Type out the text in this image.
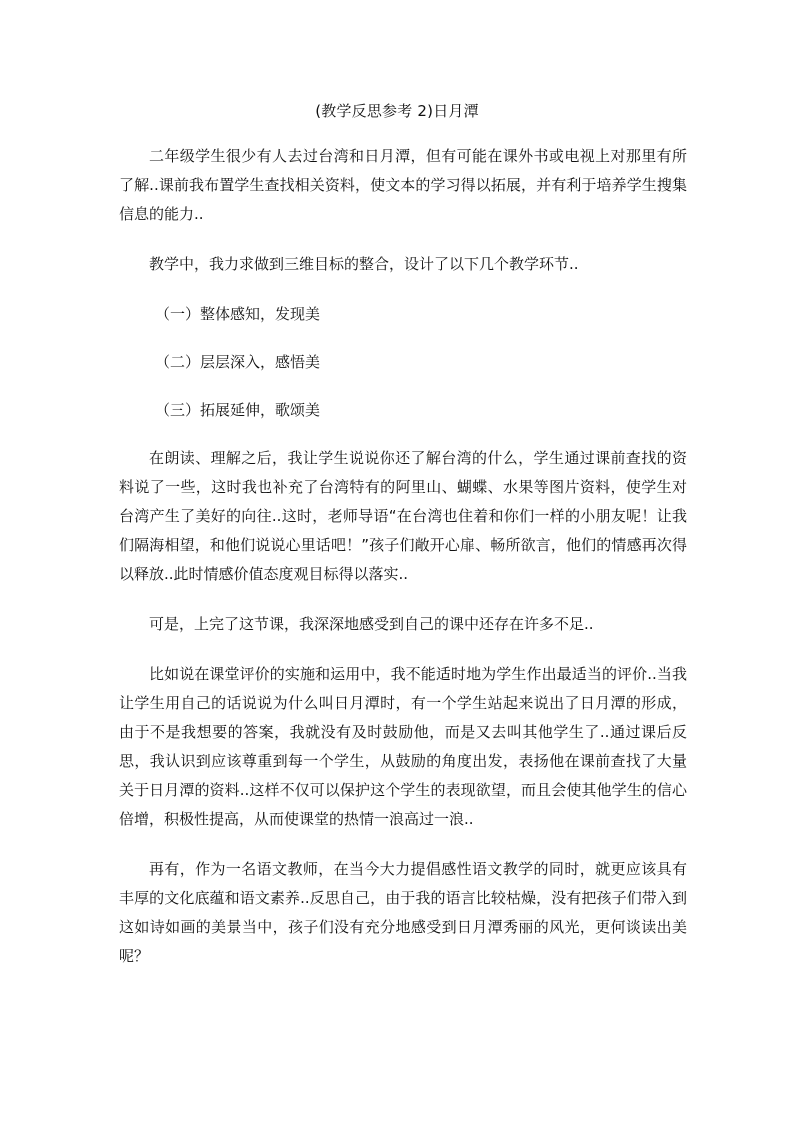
(教学反思参考 2)日月潭

二年级学生很少有人去过台湾和日月潭，但有可能在课外书或电视上对那里有所了解..课前我布置学生查找相关资料，使文本的学习得以拓展，并有利于培养学生搜集信息的能力..

教学中，我力求做到三维目标的整合，设计了以下几个教学环节..

（一）整体感知，发现美
（二）层层深入，感悟美
（三）拓展延伸，歌颂美

在朗读、理解之后，我让学生说说你还了解台湾的什么，学生通过课前查找的资料说了一些，这时我也补充了台湾特有的阿里山、蝴蝶、水果等图片资料，使学生对台湾产生了美好的向往..这时，老师导语“在台湾也住着和你们一样的小朋友呢！让我们隔海相望，和他们说说心里话吧！”孩子们敞开心扉、畅所欲言，他们的情感再次得以释放..此时情感价值态度观目标得以落实..

可是，上完了这节课，我深深地感受到自己的课中还存在许多不足..

比如说在课堂评价的实施和运用中，我不能适时地为学生作出最适当的评价..当我让学生用自己的话说说为什么叫日月潭时，有一个学生站起来说出了日月潭的形成，由于不是我想要的答案，我就没有及时鼓励他，而是又去叫其他学生了..通过课后反思，我认识到应该尊重到每一个学生，从鼓励的角度出发，表扬他在课前查找了大量关于日月潭的资料..这样不仅可以保护这个学生的表现欲望，而且会使其他学生的信心倍增，积极性提高，从而使课堂的热情一浪高过一浪..

再有，作为一名语文教师，在当今大力提倡感性语文教学的同时，就更应该具有丰厚的文化底蕴和语文素养..反思自己，由于我的语言比较枯燥，没有把孩子们带入到这如诗如画的美景当中，孩子们没有充分地感受到日月潭秀丽的风光，更何谈读出美呢？
